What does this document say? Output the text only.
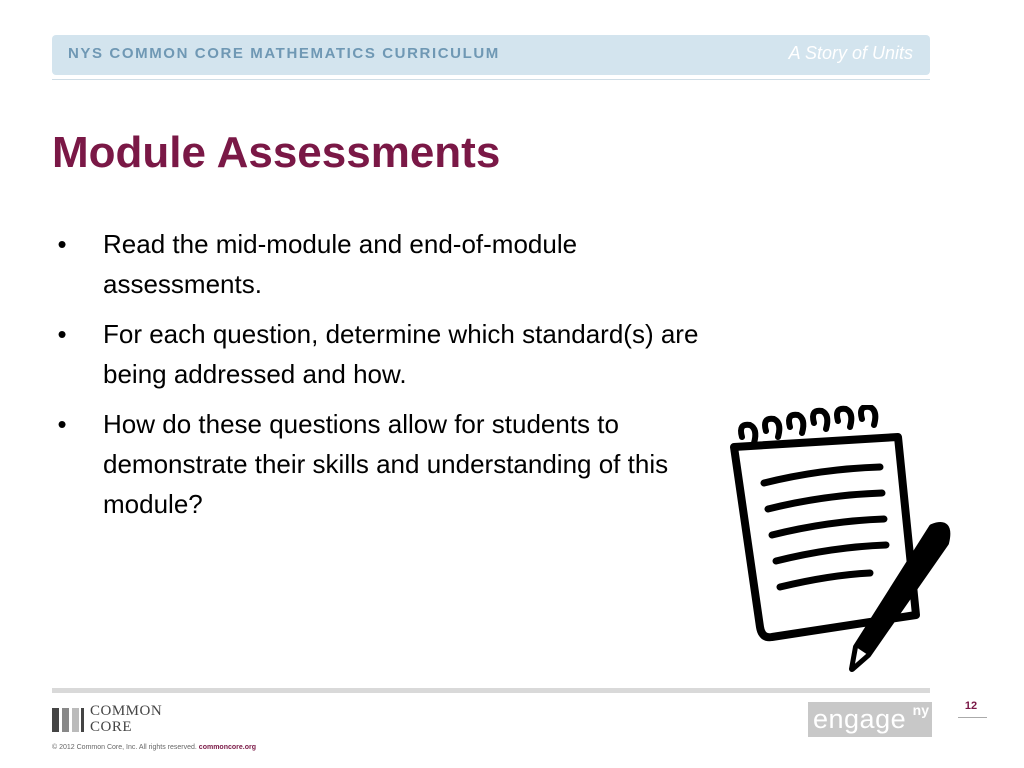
NYS COMMON CORE MATHEMATICS CURRICULUM	A Story of Units
Module Assessments
• Read the mid-module and end-of-module assessments.
• For each question, determine which standard(s) are being addressed and how.
• How do these questions allow for students to demonstrate their skills and understanding of this module?
COMMON
CORE
© 2012 Common Core, Inc. All rights reserved. commoncore.org
engage ny	12
